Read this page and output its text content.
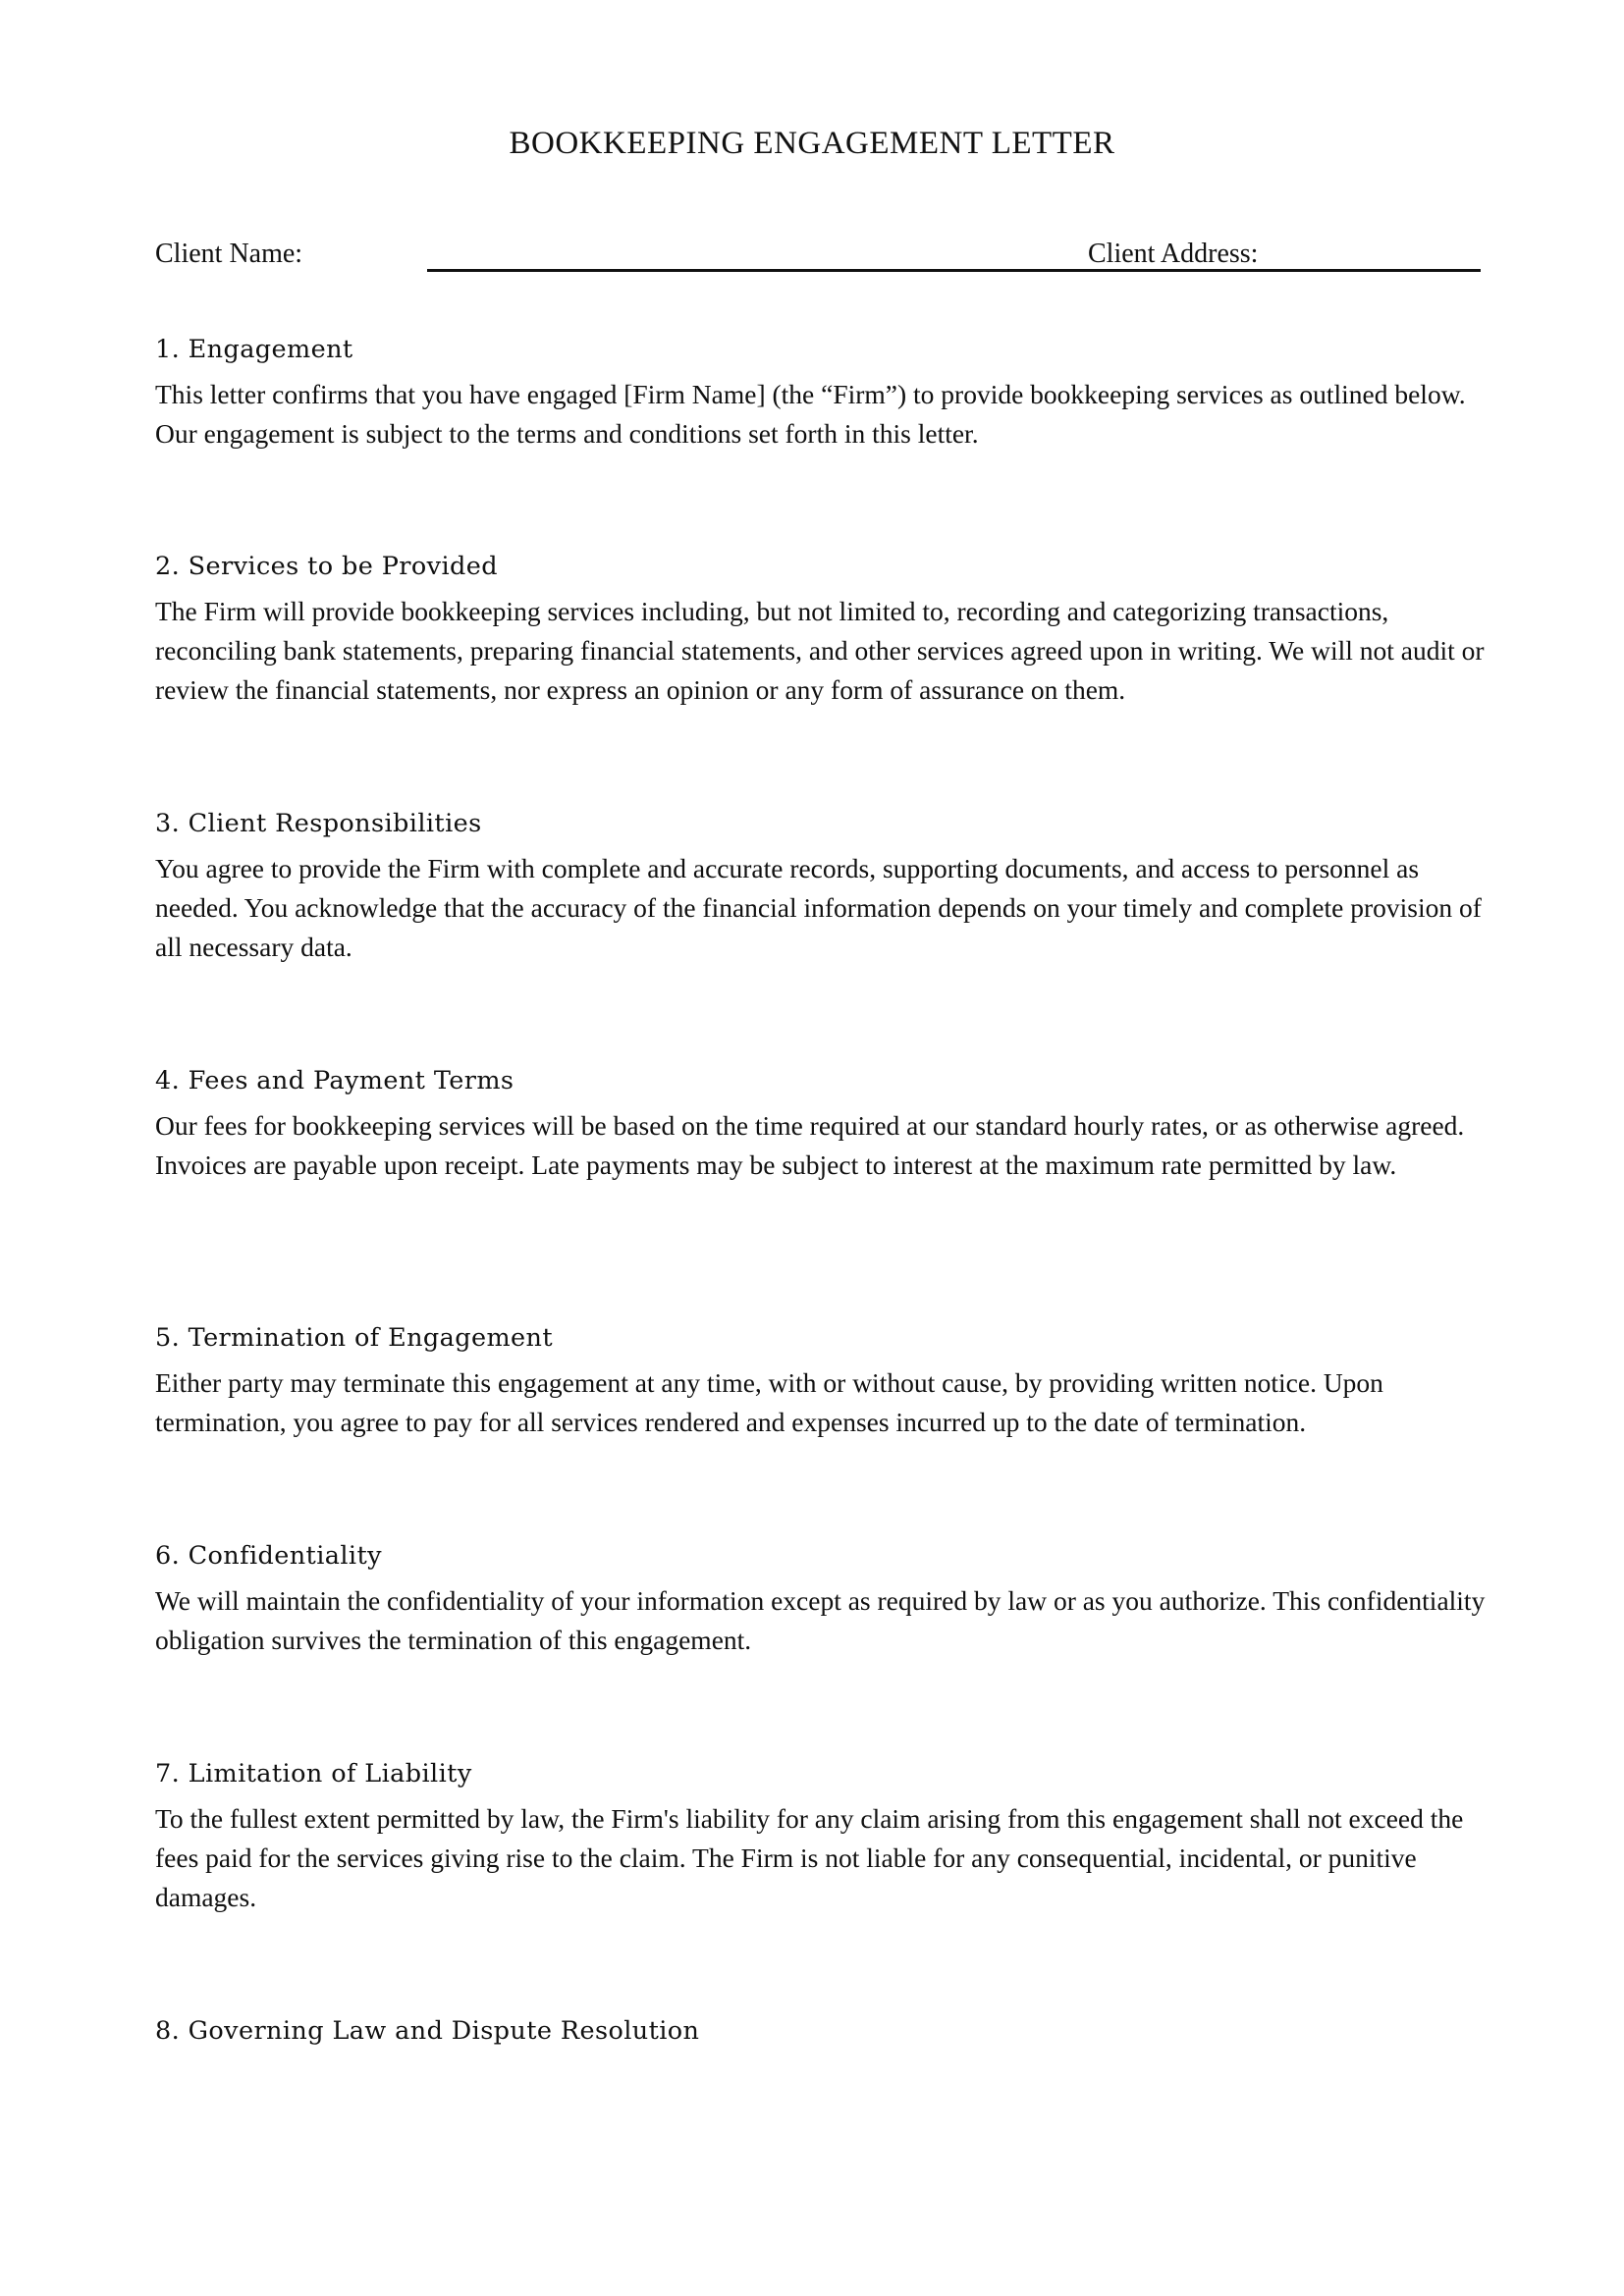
BOOKKEEPING ENGAGEMENT LETTER
Client Name:	Client Address:
1. Engagement

This letter confirms that you have engaged [Firm Name] (the “Firm”) to provide bookkeeping services as outlined below. Our engagement is subject to the terms and conditions set forth in this letter.

2. Services to be Provided

The Firm will provide bookkeeping services including, but not limited to, recording and categorizing transactions, reconciling bank statements, preparing financial statements, and other services agreed upon in writing. We will not audit or review the financial statements, nor express an opinion or any form of assurance on them.

3. Client Responsibilities

You agree to provide the Firm with complete and accurate records, supporting documents, and access to personnel as needed. You acknowledge that the accuracy of the financial information depends on your timely and complete provision of all necessary data.

4. Fees and Payment Terms

Our fees for bookkeeping services will be based on the time required at our standard hourly rates, or as otherwise agreed. Invoices are payable upon receipt. Late payments may be subject to interest at the maximum rate permitted by law.

5. Termination of Engagement

Either party may terminate this engagement at any time, with or without cause, by providing written notice. Upon termination, you agree to pay for all services rendered and expenses incurred up to the date of termination.

6. Confidentiality

We will maintain the confidentiality of your information except as required by law or as you authorize. This confidentiality obligation survives the termination of this engagement.

7. Limitation of Liability

To the fullest extent permitted by law, the Firm's liability for any claim arising from this engagement shall not exceed the fees paid for the services giving rise to the claim. The Firm is not liable for any consequential, incidental, or punitive damages.

8. Governing Law and Dispute Resolution
